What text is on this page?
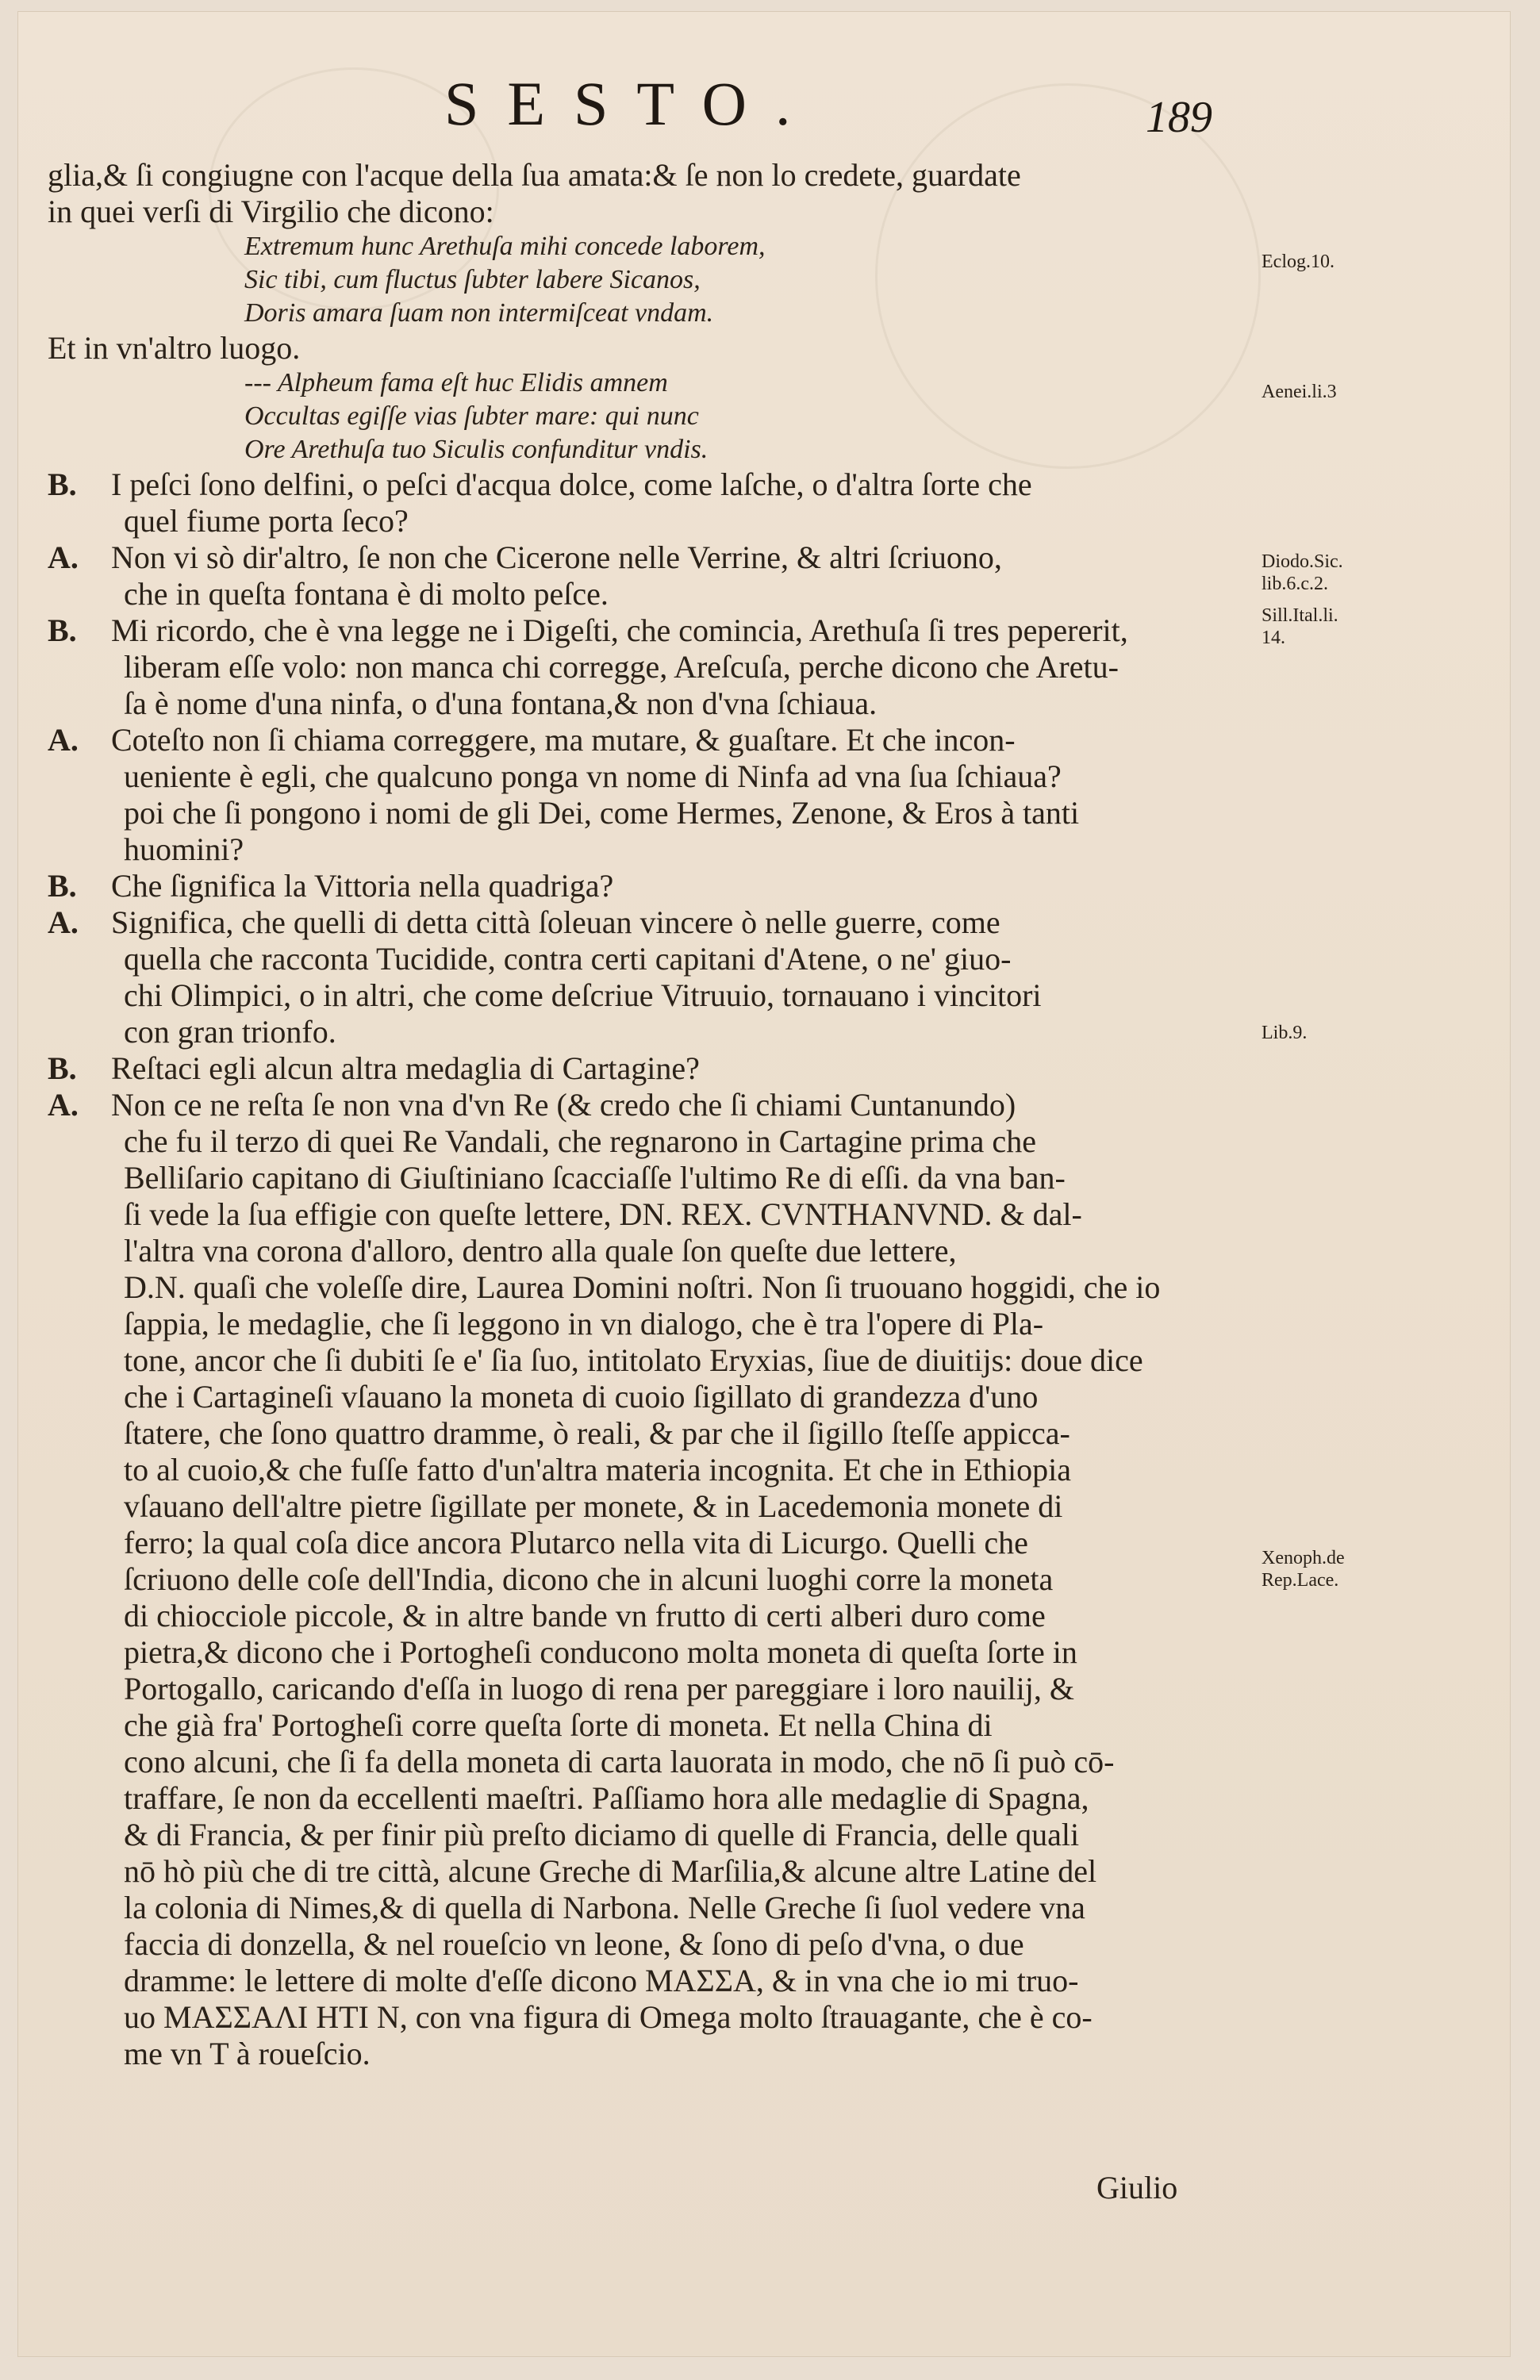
SESTO.	189
glia,& ſi congiugne con l'acque della ſua amata:& ſe non lo credete, guardate
in quei verſi di Virgilio che dicono:
Extremum hunc Arethuſa mihi concede laborem,
Sic tibi, cum fluctus ſubter labere Sicanos,
Doris amara ſuam non intermiſceat vndam.
Et in vn'altro luogo.
--- Alpheum fama eſt huc Elidis amnem
Occultas egiſſe vias ſubter mare: qui nunc
Ore Arethuſa tuo Siculis confunditur vndis.
B. I peſci ſono delfini, o peſci d'acqua dolce, come laſche, o d'altra ſorte che
quel fiume porta ſeco?
A. Non vi sò dir'altro, ſe non che Cicerone nelle Verrine, & altri ſcriuono,
che in queſta fontana è di molto peſce.
B. Mi ricordo, che è vna legge ne i Digeſti, che comincia, Arethuſa ſi tres pepererit,
liberam eſſe volo: non manca chi corregge, Areſcuſa, perche dicono che Aretu-
ſa è nome d'una ninfa, o d'una fontana,& non d'vna ſchiaua.
A. Coteſto non ſi chiama correggere, ma mutare, & guaſtare. Et che incon-
ueniente è egli, che qualcuno ponga vn nome di Ninfa ad vna ſua ſchiaua?
poi che ſi pongono i nomi de gli Dei, come Hermes, Zenone, & Eros à tanti
huomini?
B. Che ſignifica la Vittoria nella quadriga?
A. Significa, che quelli di detta città ſoleuan vincere ò nelle guerre, come
quella che racconta Tucidide, contra certi capitani d'Atene, o ne' giuo-
chi Olimpici, o in altri, che come deſcriue Vitruuio, tornauano i vincitori
con gran trionfo.
B. Reſtaci egli alcun altra medaglia di Cartagine?
A. Non ce ne reſta ſe non vna d'vn Re (& credo che ſi chiami Cuntanundo)
che fu il terzo di quei Re Vandali, che regnarono in Cartagine prima che
Belliſario capitano di Giuſtiniano ſcacciaſſe l'ultimo Re di eſſi. da vna ban-
ſi vede la ſua effigie con queſte lettere, DN. REX. CVNTHANVND. & dal-
l'altra vna corona d'alloro, dentro alla quale ſon queſte due lettere,
D.N. quaſi che voleſſe dire, Laurea Domini noſtri. Non ſi truouano hoggidi, che io
ſappia, le medaglie, che ſi leggono in vn dialogo, che è tra l'opere di Pla-
tone, ancor che ſi dubiti ſe e' ſia ſuo, intitolato Eryxias, ſiue de diuitijs: doue dice
che i Cartagineſi vſauano la moneta di cuoio ſigillato di grandezza d'uno
ſtatere, che ſono quattro dramme, ò reali, & par che il ſigillo ſteſſe appicca-
to al cuoio,& che fuſſe fatto d'un'altra materia incognita. Et che in Ethiopia
vſauano dell'altre pietre ſigillate per monete, & in Lacedemonia monete di
ferro; la qual coſa dice ancora Plutarco nella vita di Licurgo. Quelli che
ſcriuono delle coſe dell'India, dicono che in alcuni luoghi corre la moneta
di chiocciole piccole, & in altre bande vn frutto di certi alberi duro come
pietra,& dicono che i Portogheſi conducono molta moneta di queſta ſorte in
Portogallo, caricando d'eſſa in luogo di rena per pareggiare i loro nauilij, &
che già fra' Portogheſi corre queſta ſorte di moneta. Et nella China di
cono alcuni, che ſi fa della moneta di carta lauorata in modo, che nō ſi può cō-
traffare, ſe non da eccellenti maeſtri. Paſſiamo hora alle medaglie di Spagna,
& di Francia, & per finir più preſto diciamo di quelle di Francia, delle quali
nō hò più che di tre città, alcune Greche di Marſilia,& alcune altre Latine del
la colonia di Nimes,& di quella di Narbona. Nelle Greche ſi ſuol vedere vna
faccia di donzella, & nel roueſcio vn leone, & ſono di peſo d'vna, o due
dramme: le lettere di molte d'eſſe dicono ΜΑΣΣΑ, & in vna che io mi truo-
uo ΜΑΣΣΑΛΙ ΗΤΙ Ν, con vna figura di Omega molto ſtrauagante, che è co-
me vn T à roueſcio.
Eclog.10.
Aenei.li.3
Diodo.Sic. lib.6.c.2.
Sill.Ital.li. 14.
Lib.9.
Xenoph.de Rep.Lace.
Giulio
